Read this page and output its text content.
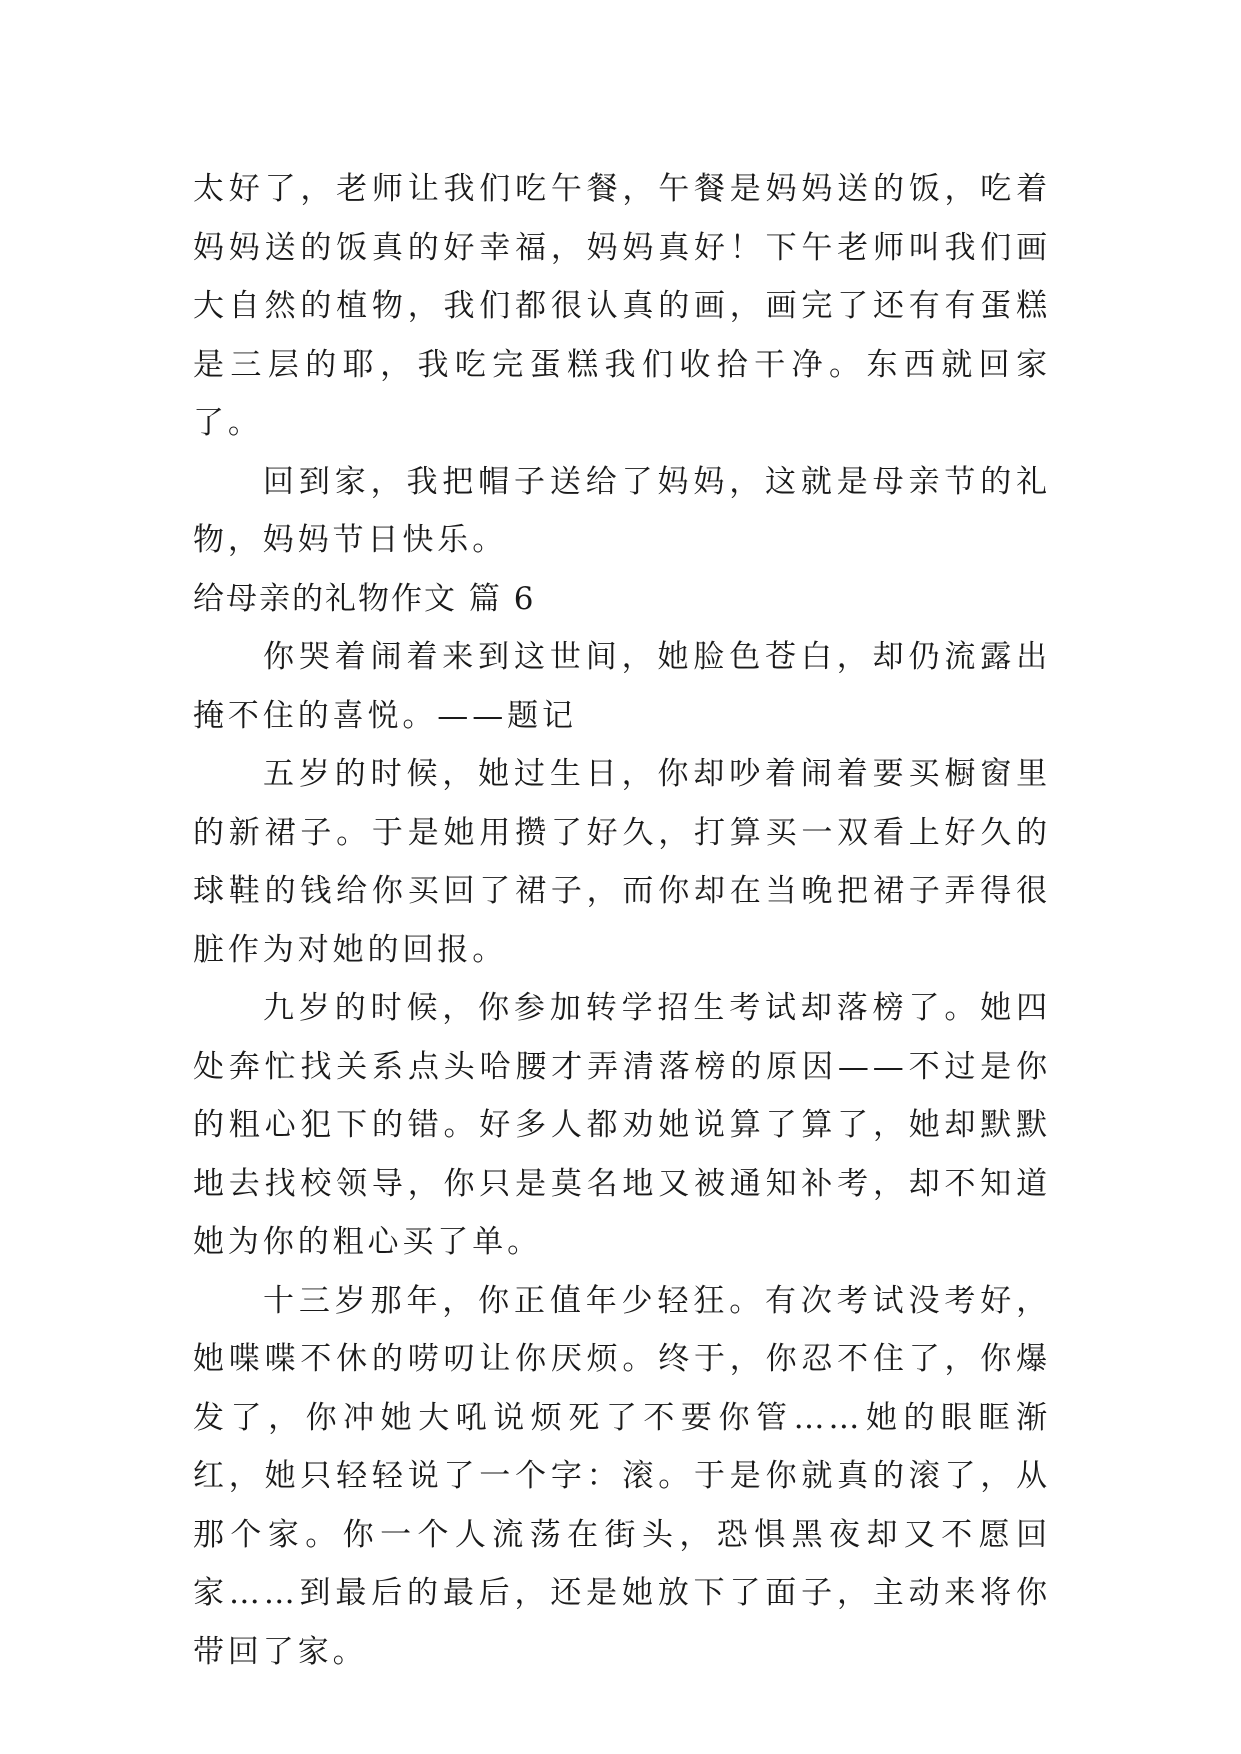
太好了，老师让我们吃午餐，午餐是妈妈送的饭，吃着妈妈送的饭真的好幸福，妈妈真好！下午老师叫我们画大自然的植物，我们都很认真的画，画完了还有有蛋糕是三层的耶，我吃完蛋糕我们收拾干净。东西就回家了。

回到家，我把帽子送给了妈妈，这就是母亲节的礼物，妈妈节日快乐。

给母亲的礼物作文 篇 6

你哭着闹着来到这世间，她脸色苍白，却仍流露出掩不住的喜悦。——题记

五岁的时候，她过生日，你却吵着闹着要买橱窗里的新裙子。于是她用攒了好久，打算买一双看上好久的球鞋的钱给你买回了裙子，而你却在当晚把裙子弄得很脏作为对她的回报。

九岁的时候，你参加转学招生考试却落榜了。她四处奔忙找关系点头哈腰才弄清落榜的原因——不过是你的粗心犯下的错。好多人都劝她说算了算了，她却默默地去找校领导，你只是莫名地又被通知补考，却不知道她为你的粗心买了单。

十三岁那年，你正值年少轻狂。有次考试没考好，她喋喋不休的唠叨让你厌烦。终于，你忍不住了，你爆发了，你冲她大吼说烦死了不要你管……她的眼眶渐红，她只轻轻说了一个字：滚。于是你就真的滚了，从那个家。你一个人流荡在街头，恐惧黑夜却又不愿回家……到最后的最后，还是她放下了面子，主动来将你带回了家。
